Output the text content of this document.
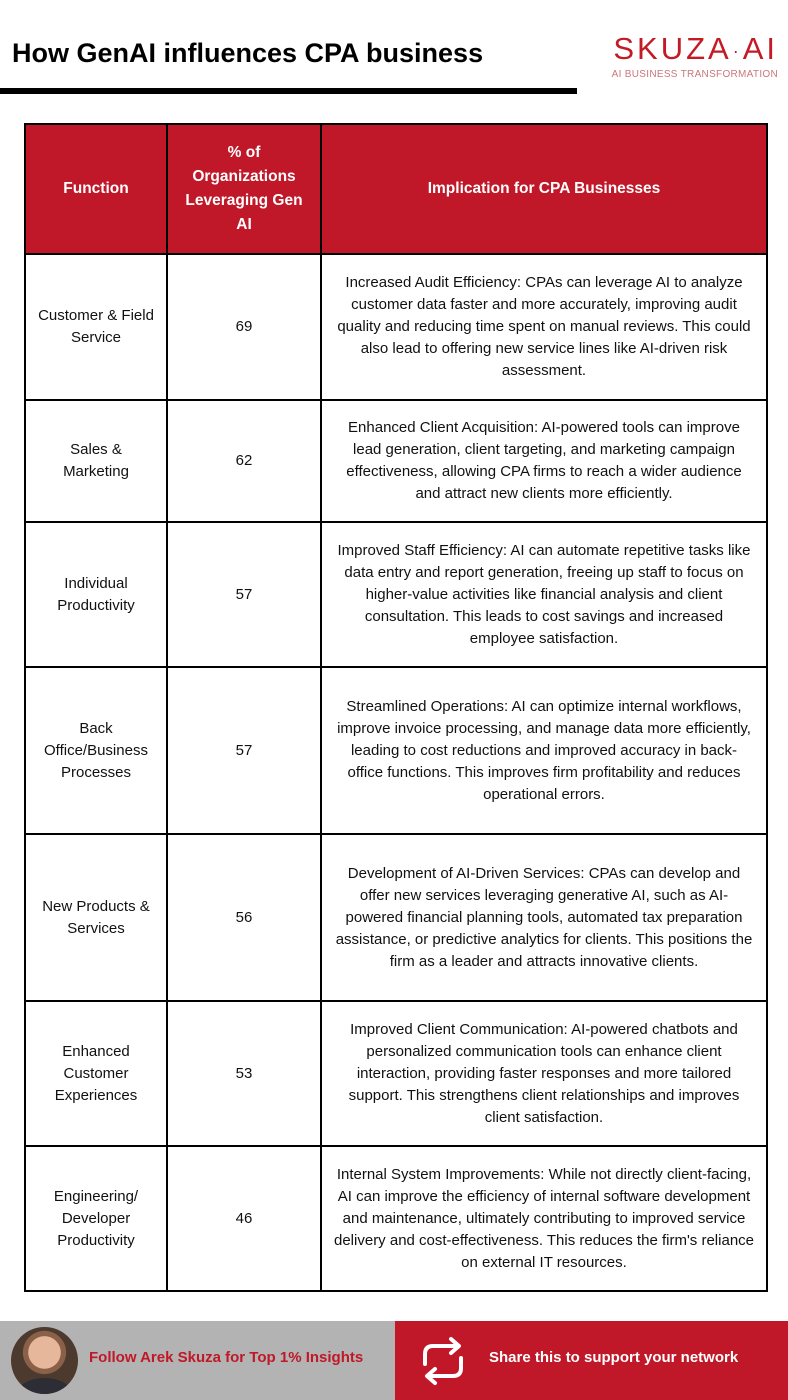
How GenAI influences CPA business	SKUZA·AI
AI BUSINESS TRANSFORMATION
Function	% of Organizations Leveraging Gen AI	Implication for CPA Businesses
Customer & Field Service	69	Increased Audit Efficiency: CPAs can leverage AI to analyze customer data faster and more accurately, improving audit quality and reducing time spent on manual reviews. This could also lead to offering new service lines like AI-driven risk assessment.
Sales & Marketing	62	Enhanced Client Acquisition: AI-powered tools can improve lead generation, client targeting, and marketing campaign effectiveness, allowing CPA firms to reach a wider audience and attract new clients more efficiently.
Individual Productivity	57	Improved Staff Efficiency: AI can automate repetitive tasks like data entry and report generation, freeing up staff to focus on higher-value activities like financial analysis and client consultation. This leads to cost savings and increased employee satisfaction.
Back Office/Business Processes	57	Streamlined Operations: AI can optimize internal workflows, improve invoice processing, and manage data more efficiently, leading to cost reductions and improved accuracy in back-office functions. This improves firm profitability and reduces operational errors.
New Products & Services	56	Development of AI-Driven Services: CPAs can develop and offer new services leveraging generative AI, such as AI-powered financial planning tools, automated tax preparation assistance, or predictive analytics for clients. This positions the firm as a leader and attracts innovative clients.
Enhanced Customer Experiences	53	Improved Client Communication: AI-powered chatbots and personalized communication tools can enhance client interaction, providing faster responses and more tailored support. This strengthens client relationships and improves client satisfaction.
Engineering/ Developer Productivity	46	Internal System Improvements: While not directly client-facing, AI can improve the efficiency of internal software development and maintenance, ultimately contributing to improved service delivery and cost-effectiveness. This reduces the firm's reliance on external IT resources.
Follow Arek Skuza for Top 1% Insights	Share this to support your network
